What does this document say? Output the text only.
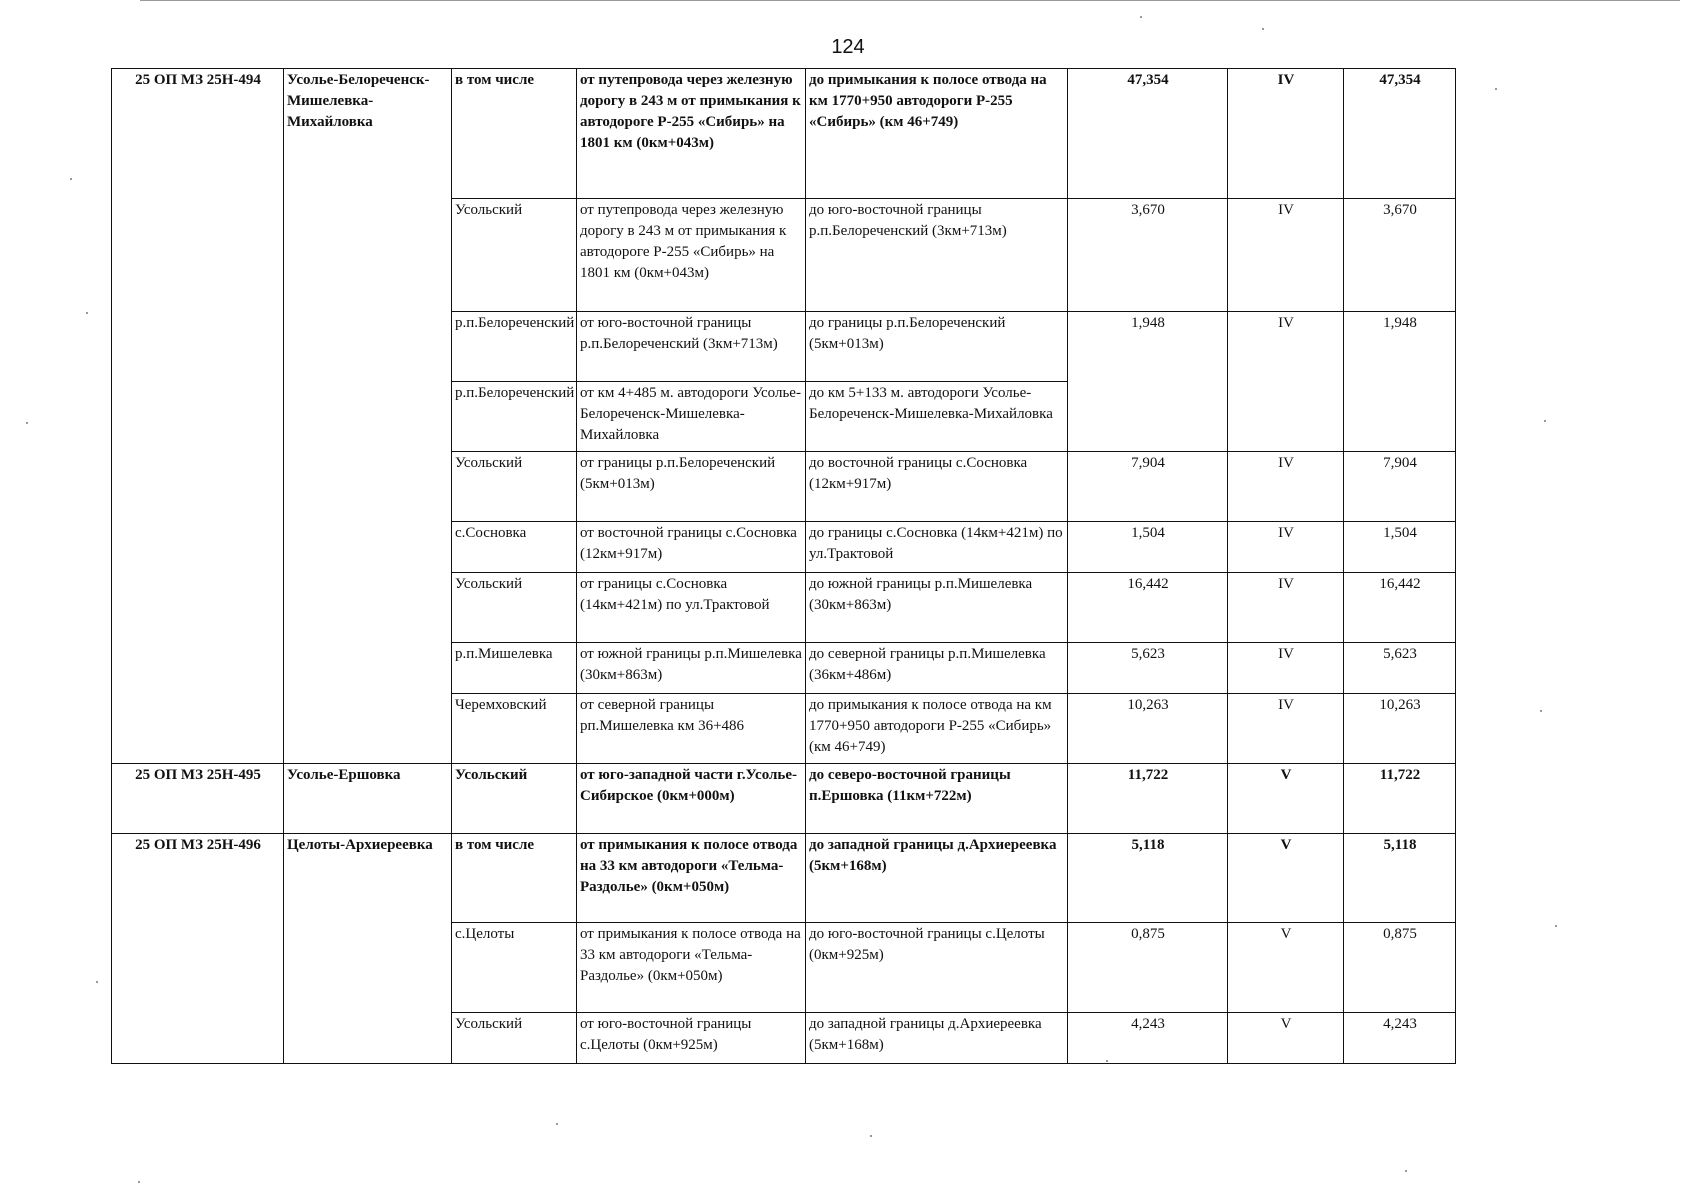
124
25 ОП МЗ 25Н-494	Усолье-Белореченск-Мишелевка-Михайловка	в том числе	от путепровода через железную дорогу в 243 м от примыкания к автодороге Р-255 «Сибирь» на 1801 км (0км+043м)	до примыкания к полосе отвода на км 1770+950 автодороги Р-255 «Сибирь» (км 46+749)	47,354	IV	47,354
		Усольский	от путепровода через железную дорогу в 243 м от примыкания к автодороге Р-255 «Сибирь» на 1801 км (0км+043м)	до юго-восточной границы р.п.Белореченский (3км+713м)	3,670	IV	3,670
		р.п.Белореченский	от юго-восточной границы р.п.Белореченский (3км+713м)	до границы р.п.Белореченский (5км+013м)	1,948	IV	1,948
		р.п.Белореченский	от км 4+485 м. автодороги Усолье-Белореченск-Мишелевка-Михайловка	до км 5+133 м. автодороги Усолье-Белореченск-Мишелевка-Михайловка			
		Усольский	от границы р.п.Белореченский (5км+013м)	до восточной границы с.Сосновка (12км+917м)	7,904	IV	7,904
		с.Сосновка	от восточной границы с.Сосновка (12км+917м)	до границы с.Сосновка (14км+421м) по ул.Трактовой	1,504	IV	1,504
		Усольский	от границы с.Сосновка (14км+421м) по ул.Трактовой	до южной границы р.п.Мишелевка (30км+863м)	16,442	IV	16,442
		р.п.Мишелевка	от южной границы р.п.Мишелевка (30км+863м)	до северной границы р.п.Мишелевка (36км+486м)	5,623	IV	5,623
		Черемховский	от северной границы рп.Мишелевка км 36+486	до примыкания к полосе отвода на км 1770+950 автодороги Р-255 «Сибирь» (км 46+749)	10,263	IV	10,263
25 ОП МЗ 25Н-495	Усолье-Ершовка	Усольский	от юго-западной части г.Усолье-Сибирское (0км+000м)	до северо-восточной границы п.Ершовка (11км+722м)	11,722	V	11,722
25 ОП МЗ 25Н-496	Целоты-Архиереевка	в том числе	от примыкания к полосе отвода на 33 км автодороги «Тельма-Раздолье» (0км+050м)	до западной границы д.Архиереевка (5км+168м)	5,118	V	5,118
		с.Целоты	от примыкания к полосе отвода на 33 км автодороги «Тельма-Раздолье» (0км+050м)	до юго-восточной границы с.Целоты (0км+925м)	0,875	V	0,875
		Усольский	от юго-восточной границы с.Целоты (0км+925м)	до западной границы д.Архиереевка (5км+168м)	4,243	V	4,243
